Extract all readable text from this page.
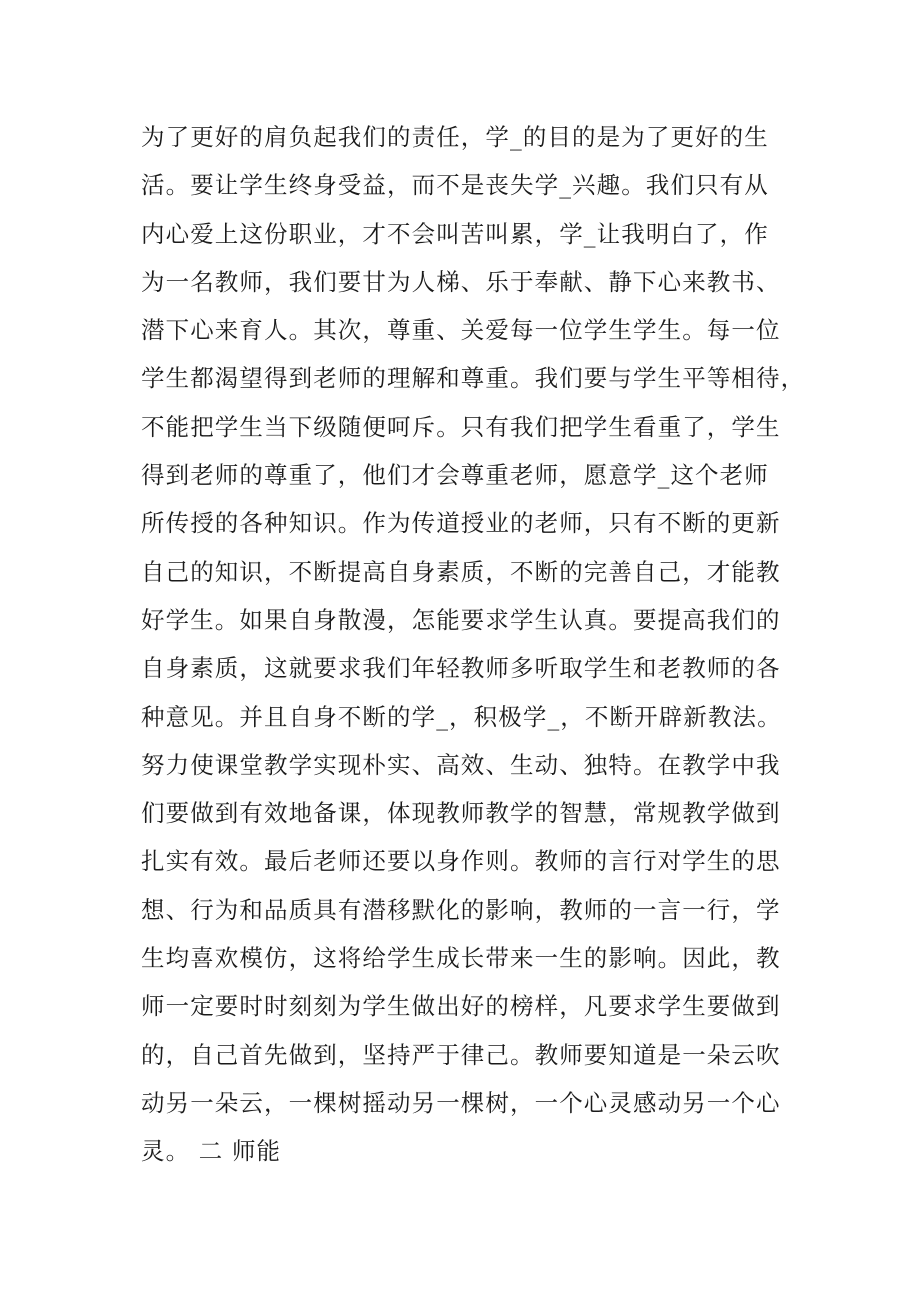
为了更好的肩负起我们的责任，学_的目的是为了更好的生
活。要让学生终身受益，而不是丧失学_兴趣。我们只有从
内心爱上这份职业，才不会叫苦叫累，学_让我明白了，作
为一名教师，我们要甘为人梯、乐于奉献、静下心来教书、
潜下心来育人。其次，尊重、关爱每一位学生学生。每一位
学生都渴望得到老师的理解和尊重。我们要与学生平等相待，
不能把学生当下级随便呵斥。只有我们把学生看重了，学生
得到老师的尊重了，他们才会尊重老师，愿意学_这个老师
所传授的各种知识。作为传道授业的老师，只有不断的更新
自己的知识，不断提高自身素质，不断的完善自己，才能教
好学生。如果自身散漫，怎能要求学生认真。要提高我们的
自身素质，这就要求我们年轻教师多听取学生和老教师的各
种意见。并且自身不断的学_，积极学_，不断开辟新教法。
努力使课堂教学实现朴实、高效、生动、独特。在教学中我
们要做到有效地备课，体现教师教学的智慧，常规教学做到
扎实有效。最后老师还要以身作则。教师的言行对学生的思
想、行为和品质具有潜移默化的影响，教师的一言一行，学
生均喜欢模仿，这将给学生成长带来一生的影响。因此，教
师一定要时时刻刻为学生做出好的榜样，凡要求学生要做到
的，自己首先做到，坚持严于律己。教师要知道是一朵云吹
动另一朵云，一棵树摇动另一棵树，一个心灵感动另一个心
灵。 二 师能
